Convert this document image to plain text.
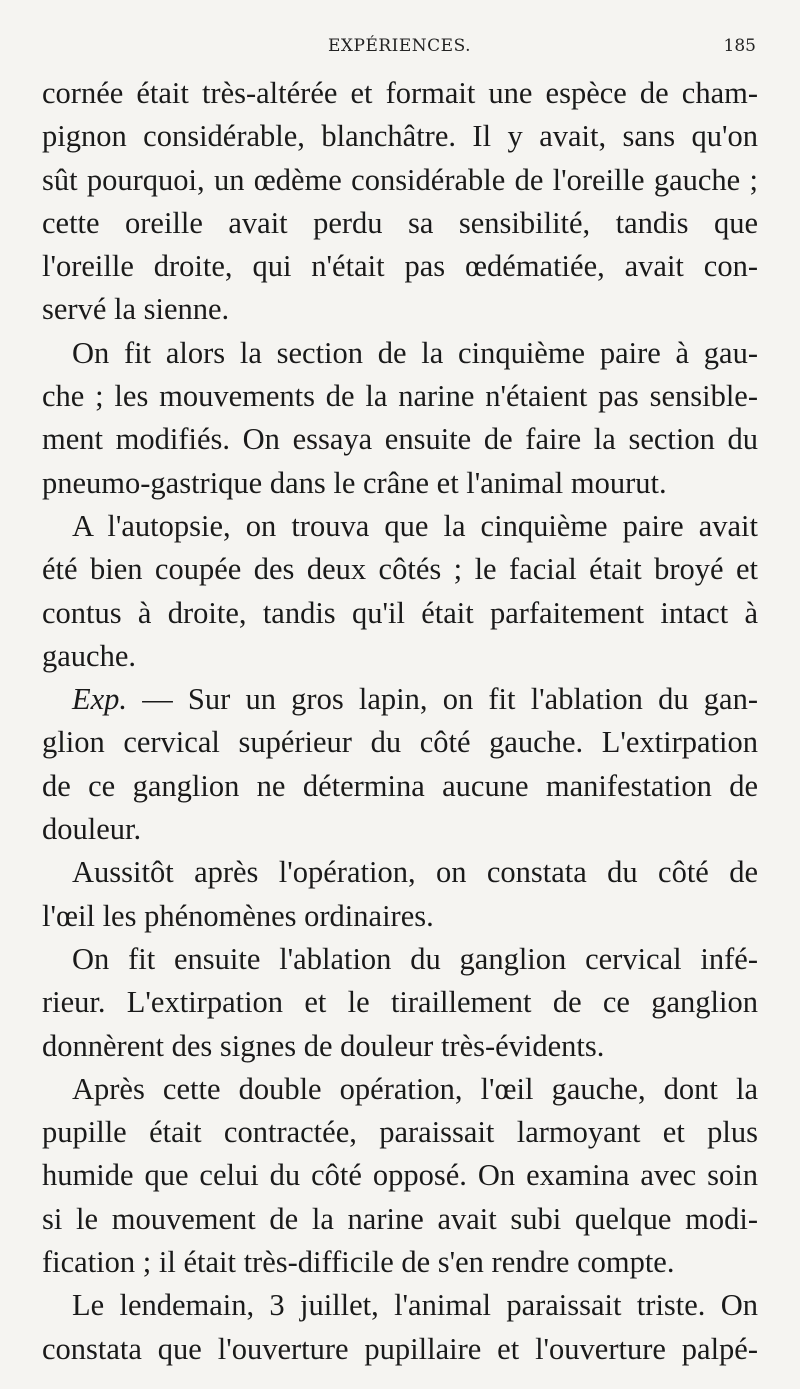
EXPÉRIENCES.	185
cornée était très-altérée et formait une espèce de cham-
pignon considérable, blanchâtre. Il y avait, sans qu'on
sût pourquoi, un œdème considérable de l'oreille gauche ;
cette oreille avait perdu sa sensibilité, tandis que
l'oreille droite, qui n'était pas œdématiée, avait con-
servé la sienne.
On fit alors la section de la cinquième paire à gau-
che ; les mouvements de la narine n'étaient pas sensible-
ment modifiés. On essaya ensuite de faire la section du
pneumo-gastrique dans le crâne et l'animal mourut.
A l'autopsie, on trouva que la cinquième paire avait
été bien coupée des deux côtés ; le facial était broyé et
contus à droite, tandis qu'il était parfaitement intact à
gauche.
Exp. — Sur un gros lapin, on fit l'ablation du gan-
glion cervical supérieur du côté gauche. L'extirpation
de ce ganglion ne détermina aucune manifestation de
douleur.
Aussitôt après l'opération, on constata du côté de
l'œil les phénomènes ordinaires.
On fit ensuite l'ablation du ganglion cervical infé-
rieur. L'extirpation et le tiraillement de ce ganglion
donnèrent des signes de douleur très-évidents.
Après cette double opération, l'œil gauche, dont la
pupille était contractée, paraissait larmoyant et plus
humide que celui du côté opposé. On examina avec soin
si le mouvement de la narine avait subi quelque modi-
fication ; il était très-difficile de s'en rendre compte.
Le lendemain, 3 juillet, l'animal paraissait triste. On
constata que l'ouverture pupillaire et l'ouverture palpé-
